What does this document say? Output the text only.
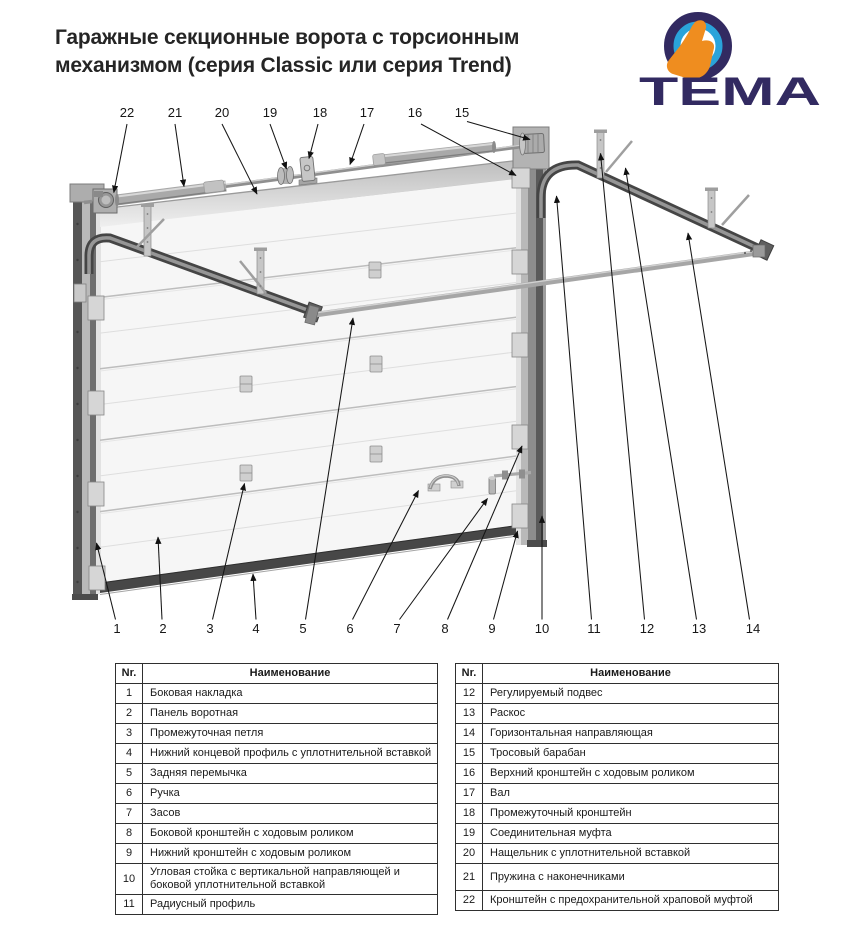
Гаражные секционные ворота с торсионным
механизмом (серия Classic или серия Trend)
TEMA
22	21	20	19	18	17	16	15
1	2	3	4	5	6	7	8	9	10	11	12	13	14
Nr.	Наименование
1	Боковая накладка
2	Панель воротная
3	Промежуточная петля
4	Нижний концевой профиль с уплотнительной вставкой
5	Задняя перемычка
6	Ручка
7	Засов
8	Боковой кронштейн с ходовым роликом
9	Нижний кронштейн с ходовым роликом
10	Угловая стойка с вертикальной направляющей и боковой уплотнительной вставкой
11	Радиусный профиль
Nr.	Наименование
12	Регулируемый подвес
13	Раскос
14	Горизонтальная направляющая
15	Тросовый барабан
16	Верхний кронштейн с ходовым роликом
17	Вал
18	Промежуточный кронштейн
19	Соединительная муфта
20	Нащельник с уплотнительной вставкой
21	Пружина с наконечниками
22	Кронштейн с предохранительной храповой муфтой
